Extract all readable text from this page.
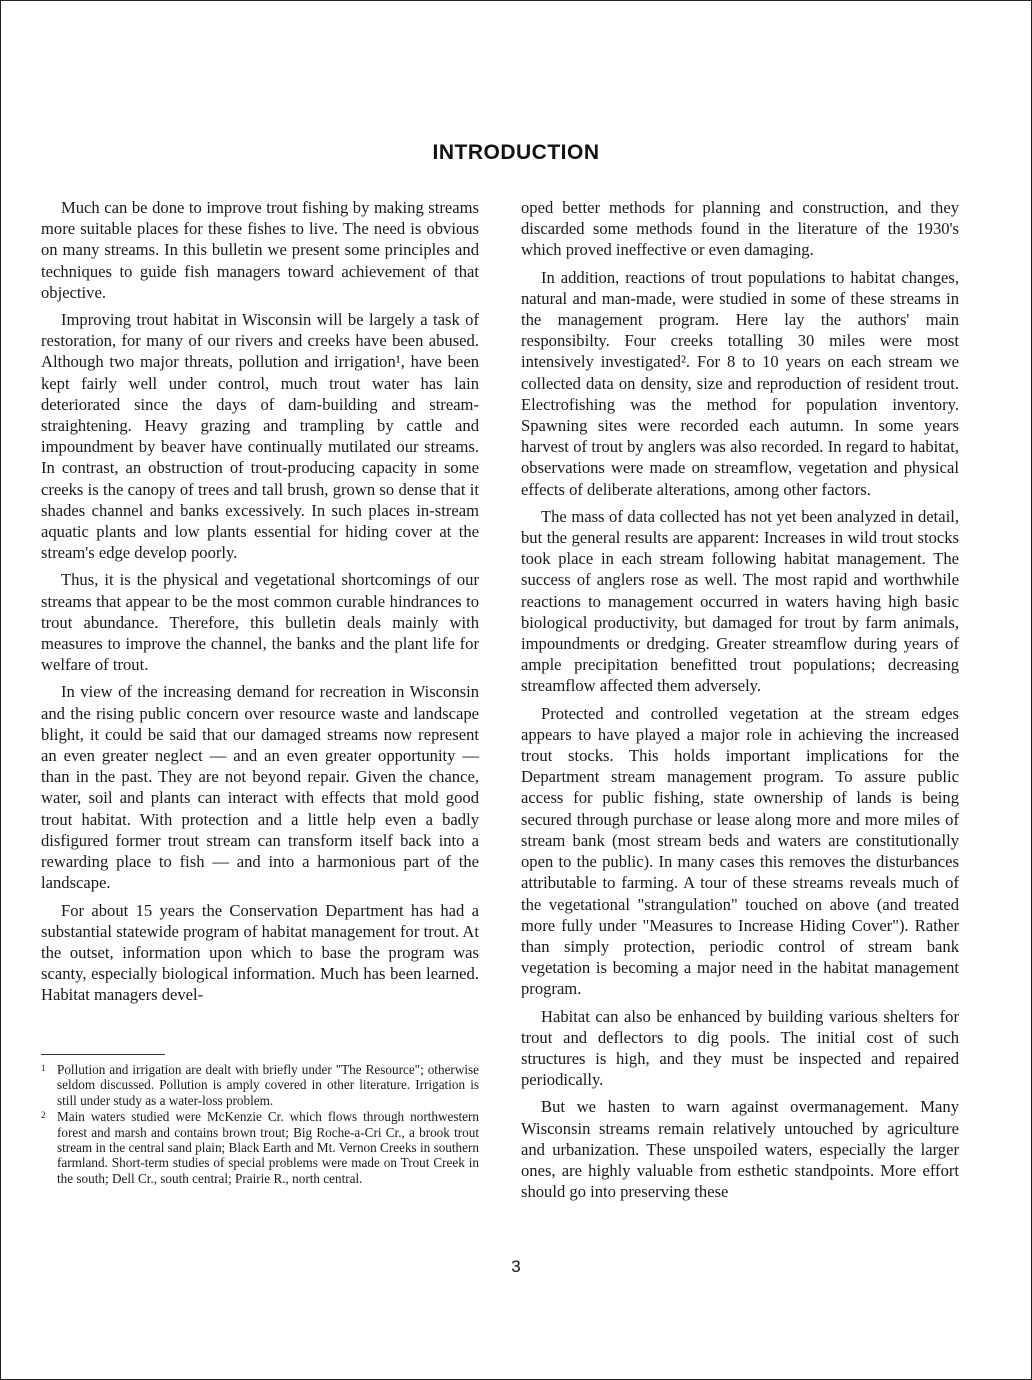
INTRODUCTION

Much can be done to improve trout fishing by making streams more suitable places for these fishes to live. The need is obvious on many streams. In this bulletin we present some principles and techniques to guide fish managers toward achievement of that objective.

Improving trout habitat in Wisconsin will be largely a task of restoration, for many of our rivers and creeks have been abused. Although two major threats, pollution and irrigation¹, have been kept fairly well under control, much trout water has lain deteriorated since the days of dam-building and stream-straightening. Heavy grazing and trampling by cattle and impoundment by beaver have continually mutilated our streams. In contrast, an obstruction of trout-producing capacity in some creeks is the canopy of trees and tall brush, grown so dense that it shades channel and banks excessively. In such places in-stream aquatic plants and low plants essential for hiding cover at the stream's edge develop poorly.

Thus, it is the physical and vegetational shortcomings of our streams that appear to be the most common curable hindrances to trout abundance. Therefore, this bulletin deals mainly with measures to improve the channel, the banks and the plant life for welfare of trout.

In view of the increasing demand for recreation in Wisconsin and the rising public concern over resource waste and landscape blight, it could be said that our damaged streams now represent an even greater neglect — and an even greater opportunity — than in the past. They are not beyond repair. Given the chance, water, soil and plants can interact with effects that mold good trout habitat. With protection and a little help even a badly disfigured former trout stream can transform itself back into a rewarding place to fish — and into a harmonious part of the landscape.

For about 15 years the Conservation Department has had a substantial statewide program of habitat management for trout. At the outset, information upon which to base the program was scanty, especially biological information. Much has been learned. Habitat managers devel-

oped better methods for planning and construction, and they discarded some methods found in the literature of the 1930's which proved ineffective or even damaging.

In addition, reactions of trout populations to habitat changes, natural and man-made, were studied in some of these streams in the management program. Here lay the authors' main responsibilty. Four creeks totalling 30 miles were most intensively investigated². For 8 to 10 years on each stream we collected data on density, size and reproduction of resident trout. Electrofishing was the method for population inventory. Spawning sites were recorded each autumn. In some years harvest of trout by anglers was also recorded. In regard to habitat, observations were made on streamflow, vegetation and physical effects of deliberate alterations, among other factors.

The mass of data collected has not yet been analyzed in detail, but the general results are apparent: Increases in wild trout stocks took place in each stream following habitat management. The success of anglers rose as well. The most rapid and worthwhile reactions to management occurred in waters having high basic biological productivity, but damaged for trout by farm animals, impoundments or dredging. Greater streamflow during years of ample precipitation benefitted trout populations; decreasing streamflow affected them adversely.

Protected and controlled vegetation at the stream edges appears to have played a major role in achieving the increased trout stocks. This holds important implications for the Department stream management program. To assure public access for public fishing, state ownership of lands is being secured through purchase or lease along more and more miles of stream bank (most stream beds and waters are constitutionally open to the public). In many cases this removes the disturbances attributable to farming. A tour of these streams reveals much of the vegetational "strangulation" touched on above (and treated more fully under "Measures to Increase Hiding Cover"). Rather than simply protection, periodic control of stream bank vegetation is becoming a major need in the habitat management program.

Habitat can also be enhanced by building various shelters for trout and deflectors to dig pools. The initial cost of such structures is high, and they must be inspected and repaired periodically.

But we hasten to warn against overmanagement. Many Wisconsin streams remain relatively untouched by agriculture and urbanization. These unspoiled waters, especially the larger ones, are highly valuable from esthetic standpoints. More effort should go into preserving these

1 Pollution and irrigation are dealt with briefly under "The Resource"; otherwise seldom discussed. Pollution is amply covered in other literature. Irrigation is still under study as a water-loss problem.
2 Main waters studied were McKenzie Cr. which flows through northwestern forest and marsh and contains brown trout; Big Roche-a-Cri Cr., a brook trout stream in the central sand plain; Black Earth and Mt. Vernon Creeks in southern farmland. Short-term studies of special problems were made on Trout Creek in the south; Dell Cr., south central; Prairie R., north central.
3
